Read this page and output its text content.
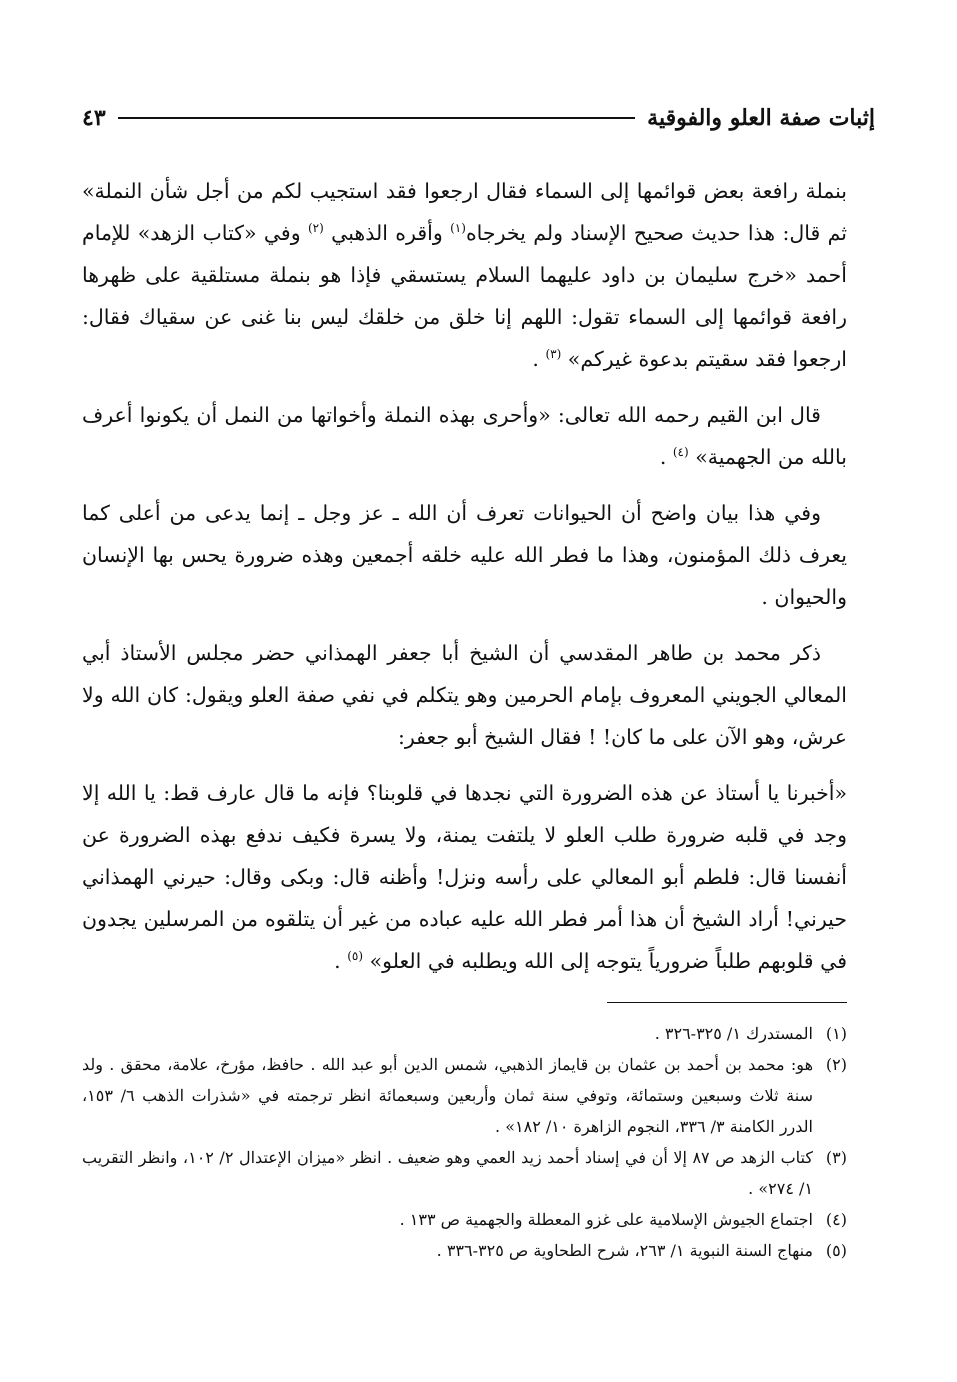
إثبات صفة العلو والفوقية
٤٣

بنملة رافعة بعض قوائمها إلى السماء فقال ارجعوا فقد استجيب لكم من أجل شأن النملة» ثم قال: هذا حديث صحيح الإسناد ولم يخرجاه$^{(١)}$ وأقره الذهبي $^{(٢)}$ وفي «كتاب الزهد» للإمام أحمد «خرج سليمان بن داود عليهما السلام يستسقي فإذا هو بنملة مستلقية على ظهرها رافعة قوائمها إلى السماء تقول: اللهم إنا خلق من خلقك ليس بنا غنى عن سقياك فقال: ارجعوا فقد سقيتم بدعوة غيركم» $^{(٣)}$ .

قال ابن القيم رحمه الله تعالى: «وأحرى بهذه النملة وأخواتها من النمل أن يكونوا أعرف بالله من الجهمية» $^{(٤)}$ .

وفي هذا بيان واضح أن الحيوانات تعرف أن الله ـ عز وجل ـ إنما يدعى من أعلى كما يعرف ذلك المؤمنون، وهذا ما فطر الله عليه خلقه أجمعين وهذه ضرورة يحس بها الإنسان والحيوان .

ذكر محمد بن طاهر المقدسي أن الشيخ أبا جعفر الهمذاني حضر مجلس الأستاذ أبي المعالي الجويني المعروف بإمام الحرمين وهو يتكلم في نفي صفة العلو ويقول: كان الله ولا عرش، وهو الآن على ما كان! ! فقال الشيخ أبو جعفر:

«أخبرنا يا أستاذ عن هذه الضرورة التي نجدها في قلوبنا؟ فإنه ما قال عارف قط: يا الله إلا وجد في قلبه ضرورة طلب العلو لا يلتفت يمنة، ولا يسرة فكيف ندفع بهذه الضرورة عن أنفسنا قال: فلطم أبو المعالي على رأسه ونزل! وأظنه قال: وبكى وقال: حيرني الهمذاني حيرني! أراد الشيخ أن هذا أمر فطر الله عليه عباده من غير أن يتلقوه من المرسلين يجدون في قلوبهم طلباً ضرورياً يتوجه إلى الله ويطلبه في العلو» $^{(٥)}$ .

(١)
المستدرك ١/ ٣٢٥-٣٢٦ .

(٢)
هو: محمد بن أحمد بن عثمان بن قايماز الذهبي، شمس الدين أبو عبد الله . حافظ، مؤرخ، علامة، محقق . ولد سنة ثلاث وسبعين وستمائة، وتوفي سنة ثمان وأربعين وسبعمائة انظر ترجمته في «شذرات الذهب ٦/ ١٥٣، الدرر الكامنة ٣/ ٣٣٦، النجوم الزاهرة ١٠/ ١٨٢» .

(٣)
كتاب الزهد ص ٨٧ إلا أن في إسناد أحمد زيد العمي وهو ضعيف . انظر «ميزان الإعتدال ٢/ ١٠٢، وانظر التقريب ١/ ٢٧٤» .

(٤)
اجتماع الجيوش الإسلامية على غزو المعطلة والجهمية ص ١٣٣ .

(٥)
منهاج السنة النبوية ١/ ٢٦٣، شرح الطحاوية ص ٣٢٥-٣٣٦ .
